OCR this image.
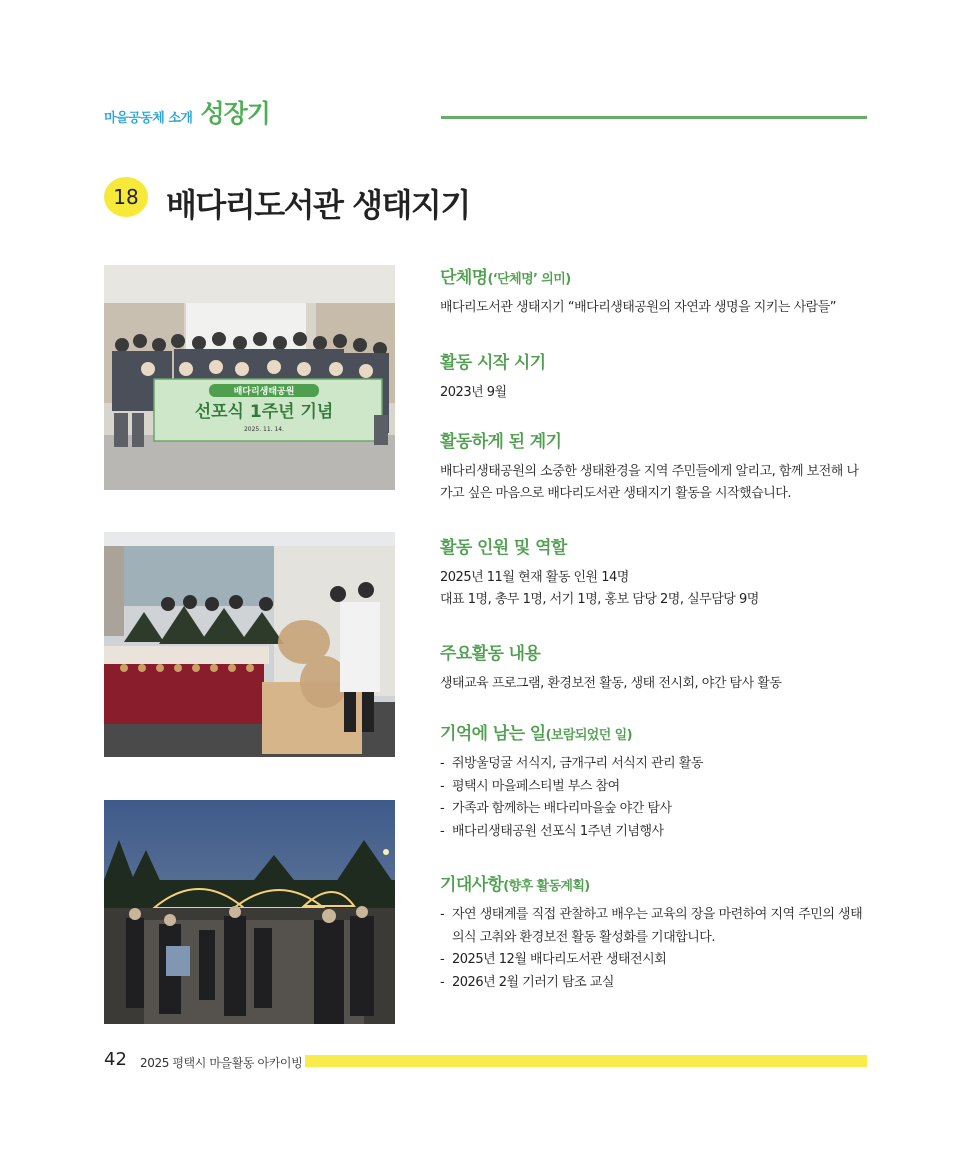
마을공동체 소개 성장기
18 배다리도서관 생태지기
배다리생태공원
선포식 1주년 기념
2025. 11. 14.
단체명(‘단체명’ 의미)
배다리도서관 생태지기 “배다리생태공원의 자연과 생명을 지키는 사람들”
활동 시작 시기
2023년 9월
활동하게 된 계기
배다리생태공원의 소중한 생태환경을 지역 주민들에게 알리고, 함께 보전해 나가고 싶은 마음으로 배다리도서관 생태지기 활동을 시작했습니다.
활동 인원 및 역할
2025년 11월 현재 활동 인원 14명
대표 1명, 총무 1명, 서기 1명, 홍보 담당 2명, 실무담당 9명
주요활동 내용
생태교육 프로그램, 환경보전 활동, 생태 전시회, 야간 탐사 활동
기억에 남는 일(보람되었던 일)
- 쥐방울덩굴 서식지, 금개구리 서식지 관리 활동
- 평택시 마을페스티벌 부스 참여
- 가족과 함께하는 배다리마을숲 야간 탐사
- 배다리생태공원 선포식 1주년 기념행사
기대사항(향후 활동계획)
- 자연 생태계를 직접 관찰하고 배우는 교육의 장을 마련하여 지역 주민의 생태의식 고취와 환경보전 활동 활성화를 기대합니다.
- 2025년 12월 배다리도서관 생태전시회
- 2026년 2월 기러기 탐조 교실
42 2025 평택시 마을활동 아카이빙
